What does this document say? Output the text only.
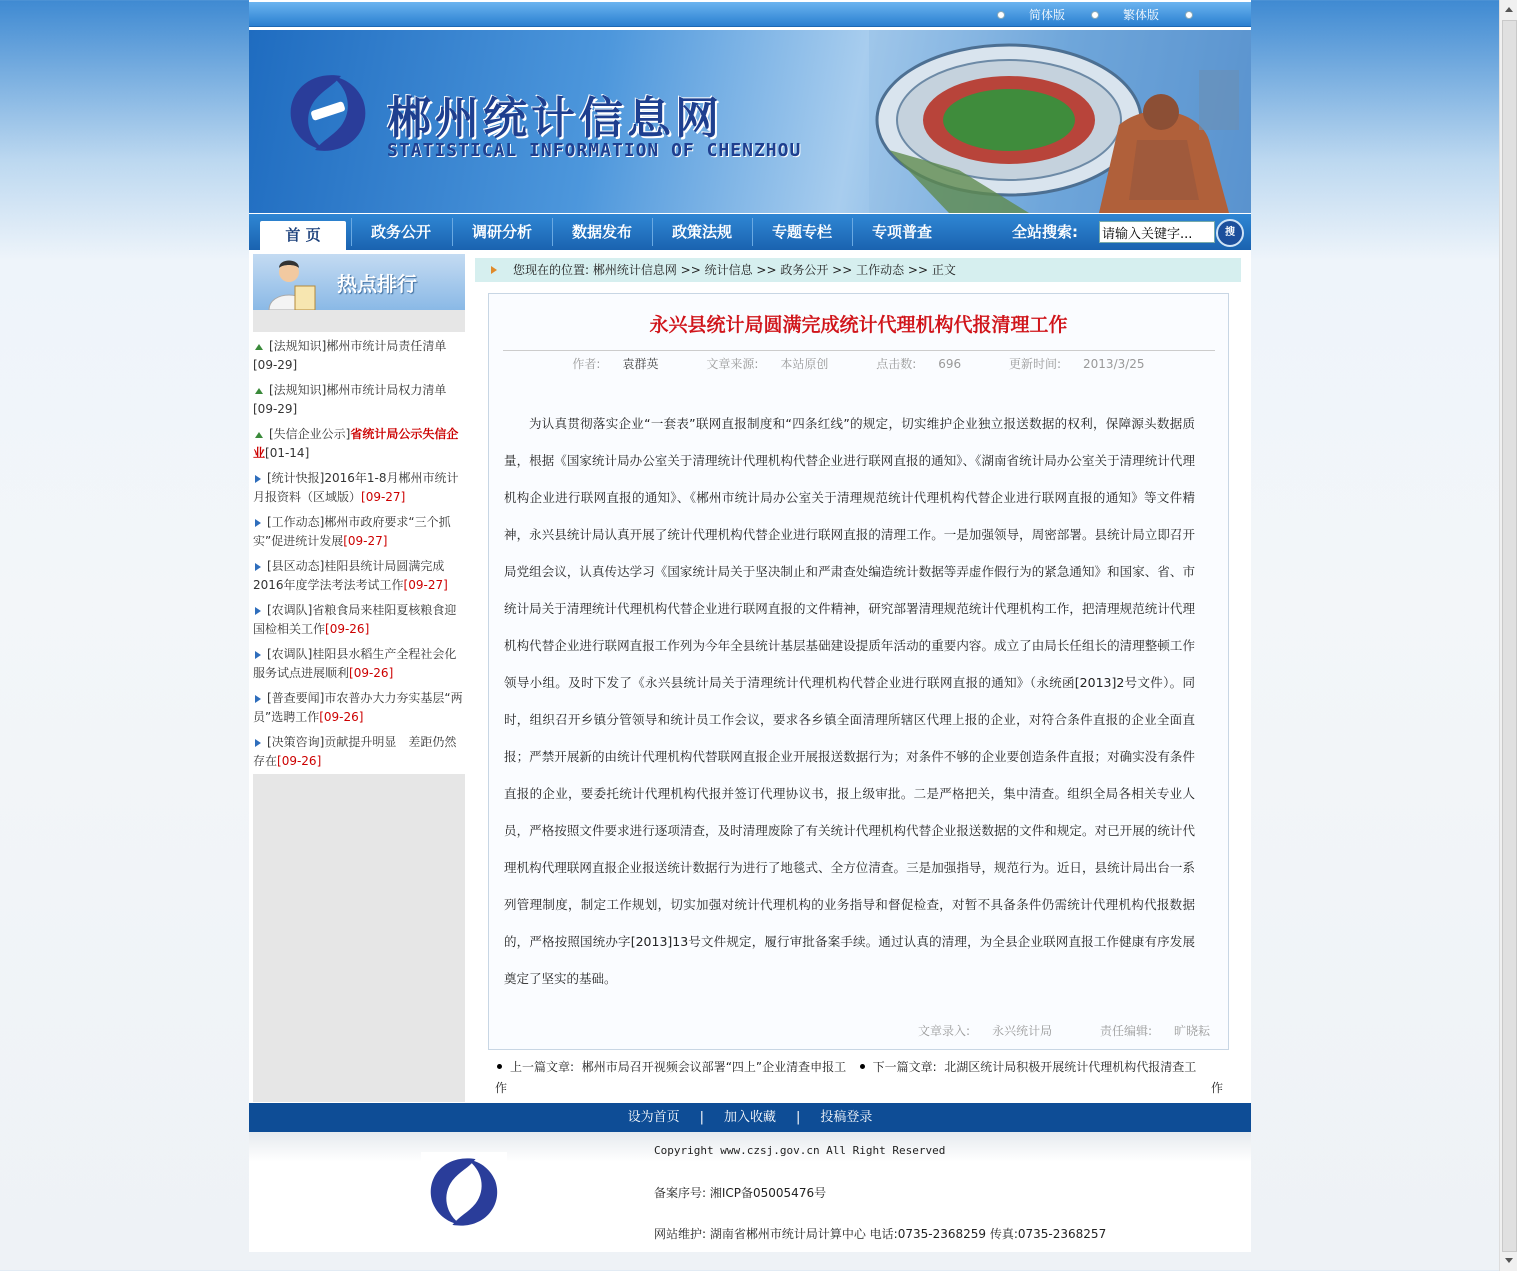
简体版	繁体版
郴州统计信息网
STATISTICAL INFORMATION OF CHENZHOU
首 页	政务公开	调研分析	数据发布	政策法规	专题专栏	专项普查	全站搜索:
请输入关键字...	搜
热点排行
[法规知识]郴州市统计局责任清单
[09-29]
[法规知识]郴州市统计局权力清单
[09-29]
[失信企业公示]省统计局公示失信企业[01-14]
[统计快报]2016年1-8月郴州市统计月报资料（区域版）[09-27]
[工作动态]郴州市政府要求“三个抓实”促进统计发展[09-27]
[县区动态]桂阳县统计局圆满完成2016年度学法考法考试工作[09-27]
[农调队]省粮食局来桂阳夏核粮食迎国检相关工作[09-26]
[农调队]桂阳县水稻生产全程社会化服务试点进展顺利[09-26]
[普查要闻]市农普办大力夯实基层“两员”选聘工作[09-26]
[决策咨询]贡献提升明显　差距仍然存在[09-26]
您现在的位置: 郴州统计信息网 >> 统计信息 >> 政务公开 >> 工作动态 >> 正文
永兴县统计局圆满完成统计代理机构代报清理工作
作者: 袁群英	文章来源: 本站原创	点击数: 696	更新时间: 2013/3/25
为认真贯彻落实企业“一套表”联网直报制度和“四条红线”的规定，切实维护企业独立报送数据的权利，保障源头数据质量，根据《国家统计局办公室关于清理统计代理机构代替企业进行联网直报的通知》、《湖南省统计局办公室关于清理统计代理机构企业进行联网直报的通知》、《郴州市统计局办公室关于清理规范统计代理机构代替企业进行联网直报的通知》等文件精神，永兴县统计局认真开展了统计代理机构代替企业进行联网直报的清理工作。一是加强领导，周密部署。县统计局立即召开局党组会议，认真传达学习《国家统计局关于坚决制止和严肃查处编造统计数据等弄虚作假行为的紧急通知》和国家、省、市统计局关于清理统计代理机构代替企业进行联网直报的文件精神，研究部署清理规范统计代理机构工作，把清理规范统计代理机构代替企业进行联网直报工作列为今年全县统计基层基础建设提质年活动的重要内容。成立了由局长任组长的清理整顿工作领导小组。及时下发了《永兴县统计局关于清理统计代理机构代替企业进行联网直报的通知》（永统函[2013]2号文件）。同时，组织召开乡镇分管领导和统计员工作会议，要求各乡镇全面清理所辖区代理上报的企业，对符合条件直报的企业全面直报；严禁开展新的由统计代理机构代替联网直报企业开展报送数据行为；对条件不够的企业要创造条件直报；对确实没有条件直报的企业，要委托统计代理机构代报并签订代理协议书，报上级审批。二是严格把关，集中清查。组织全局各相关专业人员，严格按照文件要求进行逐项清查，及时清理废除了有关统计代理机构代替企业报送数据的文件和规定。对已开展的统计代理机构代理联网直报企业报送统计数据行为进行了地毯式、全方位清查。三是加强指导，规范行为。近日，县统计局出台一系列管理制度，制定工作规划，切实加强对统计代理机构的业务指导和督促检查，对暂不具备条件仍需统计代理机构代报数据的，严格按照国统办字[2013]13号文件规定，履行审批备案手续。通过认真的清理，为全县企业联网直报工作健康有序发展奠定了坚实的基础。
文章录入: 永兴统计局	责任编辑: 旷晓耘
上一篇文章: 郴州市局召开视频会议部署“四上”企业清查申报工 下一篇文章: 北湖区统计局积极开展统计代理机构代报清查工
作	作
设为首页 | 加入收藏 | 投稿登录
Copyright www.czsj.gov.cn All Right Reserved
备案序号: 湘ICP备05005476号
网站维护: 湖南省郴州市统计局计算中心 电话:0735-2368259 传真:0735-2368257
